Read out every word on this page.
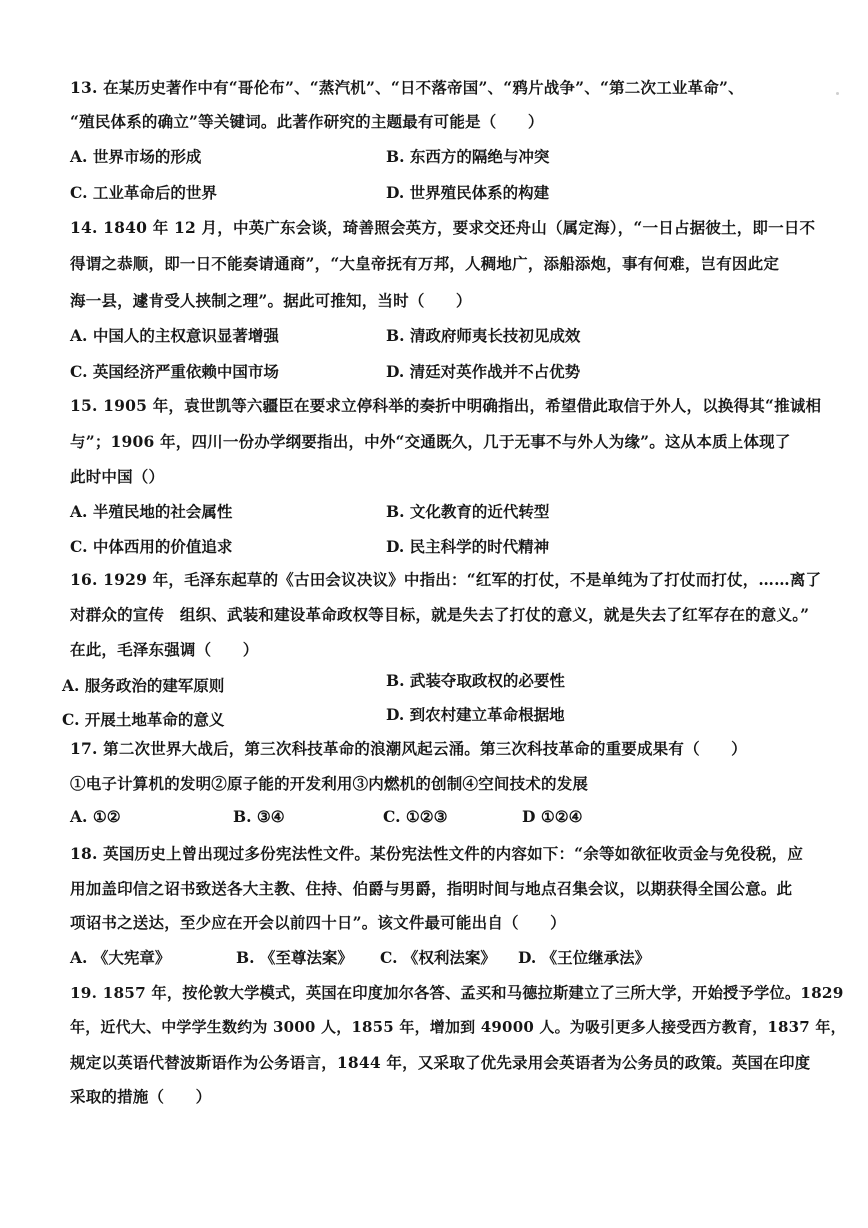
13. 在某历史著作中有“哥伦布”、“蒸汽机”、“日不落帝国”、“鸦片战争”、“第二次工业革命”、
“殖民体系的确立”等关键词。此著作研究的主题最有可能是（　　）
A. 世界市场的形成	B. 东西方的隔绝与冲突
C. 工业革命后的世界	D. 世界殖民体系的构建
14. 1840 年 12 月，中英广东会谈，琦善照会英方，要求交还舟山（属定海），“一日占据彼土，即一日不
得谓之恭顺，即一日不能奏请通商”，“大皇帝抚有万邦，人稠地广，添船添炮，事有何难，岂有因此定
海一县，遽肯受人挟制之理”。据此可推知，当时（　　）
A. 中国人的主权意识显著增强	B. 清政府师夷长技初见成效
C. 英国经济严重依赖中国市场	D. 清廷对英作战并不占优势
15. 1905 年，袁世凯等六疆臣在要求立停科举的奏折中明确指出，希望借此取信于外人，以换得其“推诚相
与”；1906 年，四川一份办学纲要指出，中外“交通既久，几于无事不与外人为缘”。这从本质上体现了
此时中国（）
A. 半殖民地的社会属性	B. 文化教育的近代转型
C. 中体西用的价值追求	D. 民主科学的时代精神
16. 1929 年，毛泽东起草的《古田会议决议》中指出：“红军的打仗，不是单纯为了打仗而打仗，……离了
对群众的宣传　组织、武装和建设革命政权等目标，就是失去了打仗的意义，就是失去了红军存在的意义。”
在此，毛泽东强调（　　）
A. 服务政治的建军原则	B. 武装夺取政权的必要性
C. 开展土地革命的意义	D. 到农村建立革命根据地
17. 第二次世界大战后，第三次科技革命的浪潮风起云涌。第三次科技革命的重要成果有（　　）
①电子计算机的发明②原子能的开发利用③内燃机的创制④空间技术的发展
A. ①②	B. ③④	C. ①②③	D ①②④
18. 英国历史上曾出现过多份宪法性文件。某份宪法性文件的内容如下：“余等如欲征收贡金与免役税，应
用加盖印信之诏书致送各大主教、住持、伯爵与男爵，指明时间与地点召集会议，以期获得全国公意。此
项诏书之送达，至少应在开会以前四十日”。该文件最可能出自（　　）
A. 《大宪章》	B. 《至尊法案》 C. 《权利法案》 D. 《王位继承法》
19. 1857 年，按伦敦大学模式，英国在印度加尔各答、孟买和马德拉斯建立了三所大学，开始授予学位。1829
年，近代大、中学学生数约为 3000 人，1855 年，增加到 49000 人。为吸引更多人接受西方教育，1837 年，
规定以英语代替波斯语作为公务语言，1844 年，又采取了优先录用会英语者为公务员的政策。英国在印度
采取的措施（　　）
